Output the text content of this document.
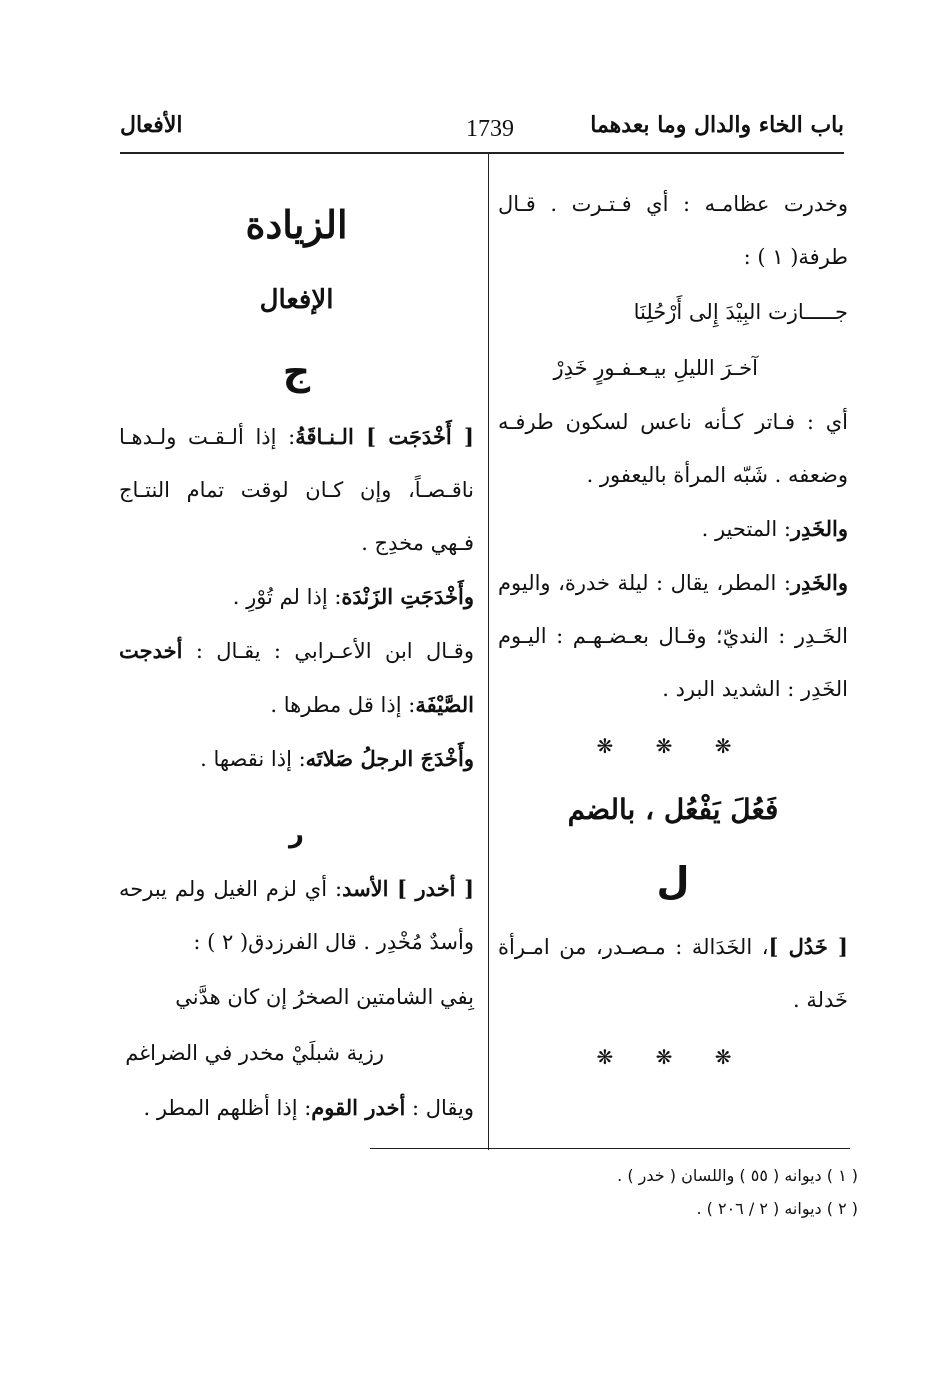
باب الخاء والدال وما بعدهما
1739
الأفعال

وخدرت عظامـه : أي فـتـرت . قـال طرفة( ١ ) :

جـــــازت البِيْدَ إِلى أَرْحُلِنَا

آخـرَ الليلِ بيـعـفـورٍ خَدِرْ

أي : فـاتر كـأنه ناعس لسكون طرفـه وضعفه . شَبّه المرأة باليعفور .

والخَدِر: المتحير .

والخَدِر: المطر، يقال : ليلة خدرة، واليوم الخَـدِر : النديّ؛ وقـال بعـضـهـم : اليـوم الخَدِر : الشديد البرد .

❋ ❋ ❋
فَعُلَ يَفْعُل ، بالضم
ل

[ خَدُل ]، الخَدَالة : مـصـدر، من امـرأة خَدلة .

❋ ❋ ❋
الزيادة
الإفعال
ج

[ أَخْدَجَت ] الـنـاقَةُ: إذا ألـقـت ولـدهـا ناقـصـاً، وإن كـان لوقت تمام النتـاج فـهي مخدِج .

وأَخْدَجَتِ الزَنْدَة: إذا لم تُوْرِ .

وقـال ابن الأعـرابي : يقـال : أخدجت الصَّيْفَة: إذا قل مطرها .

وأَخْدَجَ الرجلُ صَلاتَه: إذا نقصها .

ر

[ أخدر ] الأسد: أي لزم الغيل ولم يبرحه وأسدٌ مُخْدِر . قال الفرزدق( ٢ ) :

بِفي الشامتين الصخرُ إن كان هدَّني

رزية شبلَيْ مخدر في الضراغم

ويقال : أخدر القوم: إذا أظلهم المطر .

( ١ ) ديوانه ( ٥٥ ) واللسان ( خدر ) .
( ٢ ) ديوانه ( ٢ / ٢٠٦ ) .
